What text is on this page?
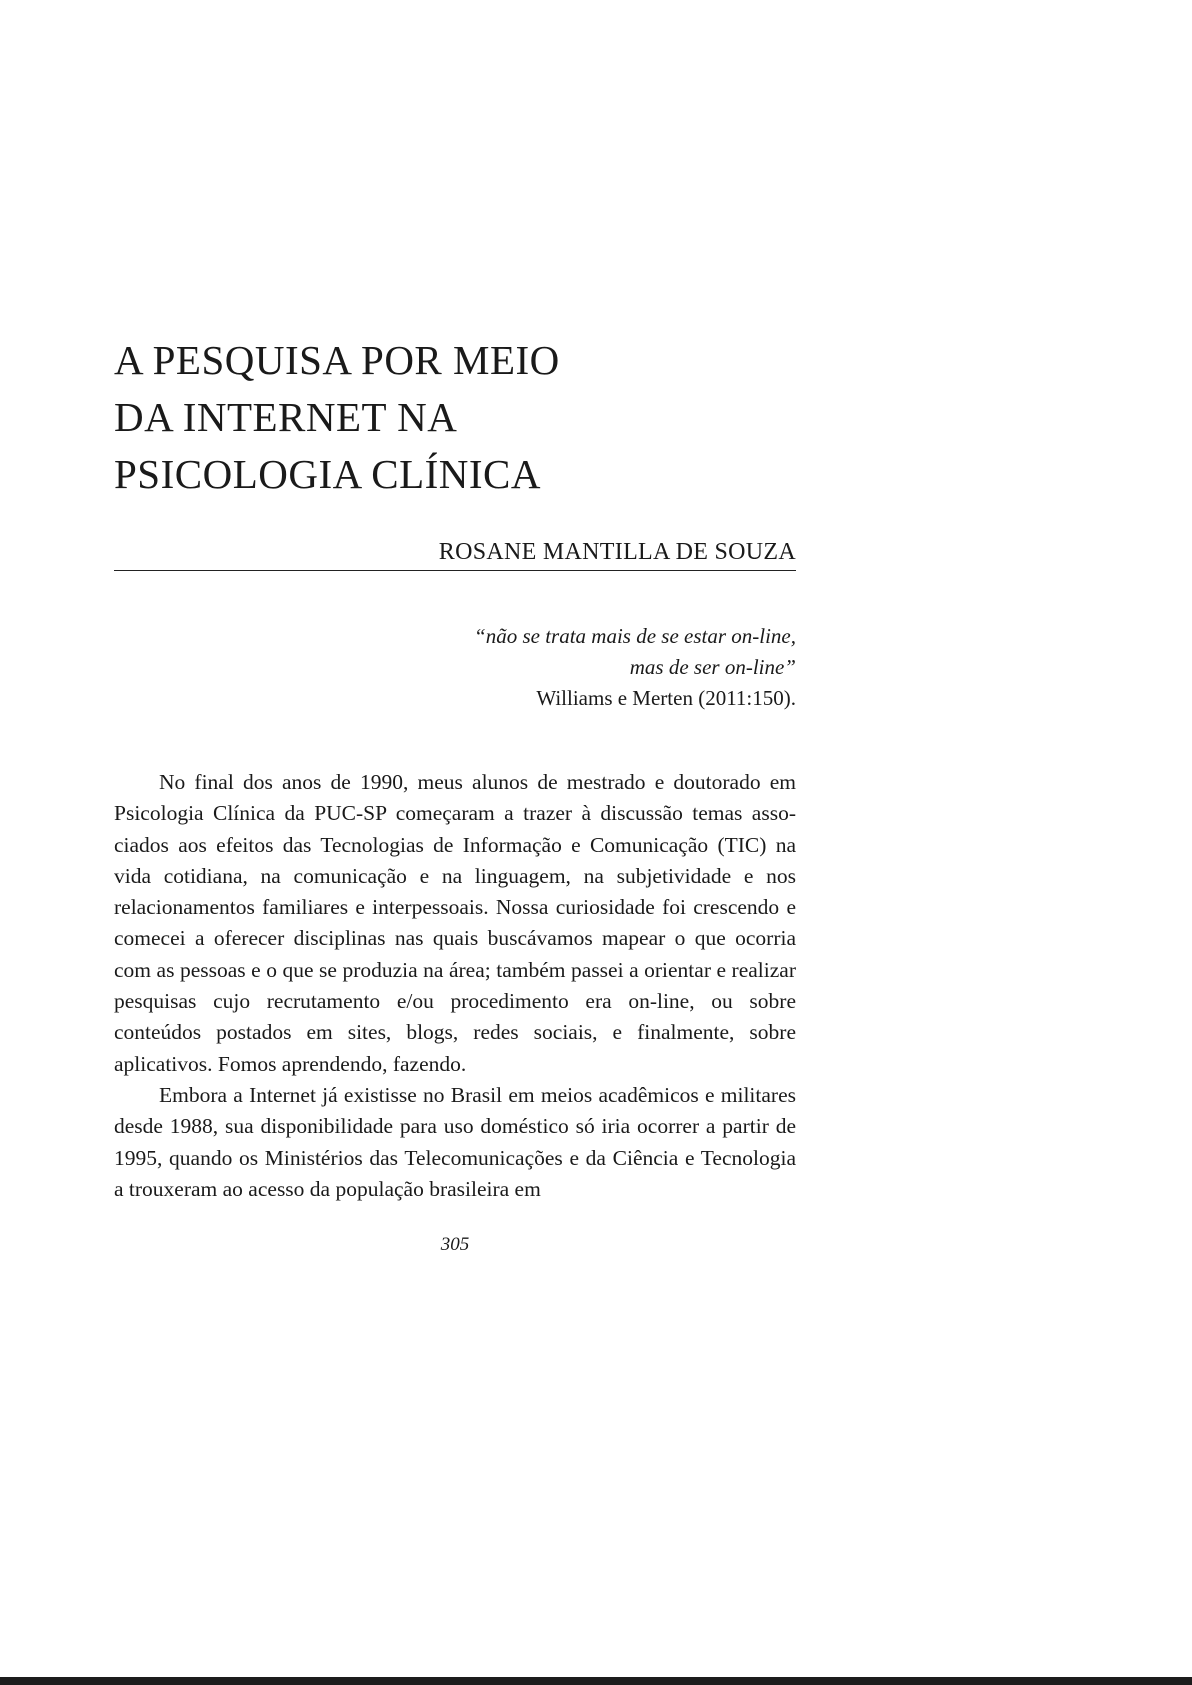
A PESQUISA POR MEIO
DA INTERNET NA
PSICOLOGIA CLÍNICA
ROSANE MANTILLA DE SOUZA
“não se trata mais de se estar on-line,
mas de ser on-line”
Williams e Merten (2011:150).

No final dos anos de 1990, meus alunos de mestrado e doutorado em Psicologia Clínica da PUC-SP começaram a trazer à discussão temas associados aos efeitos das Tecnologias de Informação e Comunicação (TIC) na vida cotidiana, na comunicação e na linguagem, na subjetividade e nos relacionamentos familiares e interpessoais. Nossa curiosidade foi crescendo e comecei a oferecer disciplinas nas quais buscávamos mapear o que ocorria com as pessoas e o que se produzia na área; também passei a orientar e realizar pesquisas cujo recrutamento e/ou procedimento era on-line, ou sobre conteúdos postados em sites, blogs, redes sociais, e finalmente, sobre aplicativos. Fomos aprendendo, fazendo.

Embora a Internet já existisse no Brasil em meios acadêmicos e militares desde 1988, sua disponibilidade para uso doméstico só iria ocorrer a partir de 1995, quando os Ministérios das Telecomunicações e da Ciência e Tecnologia a trouxeram ao acesso da população brasileira em

305
